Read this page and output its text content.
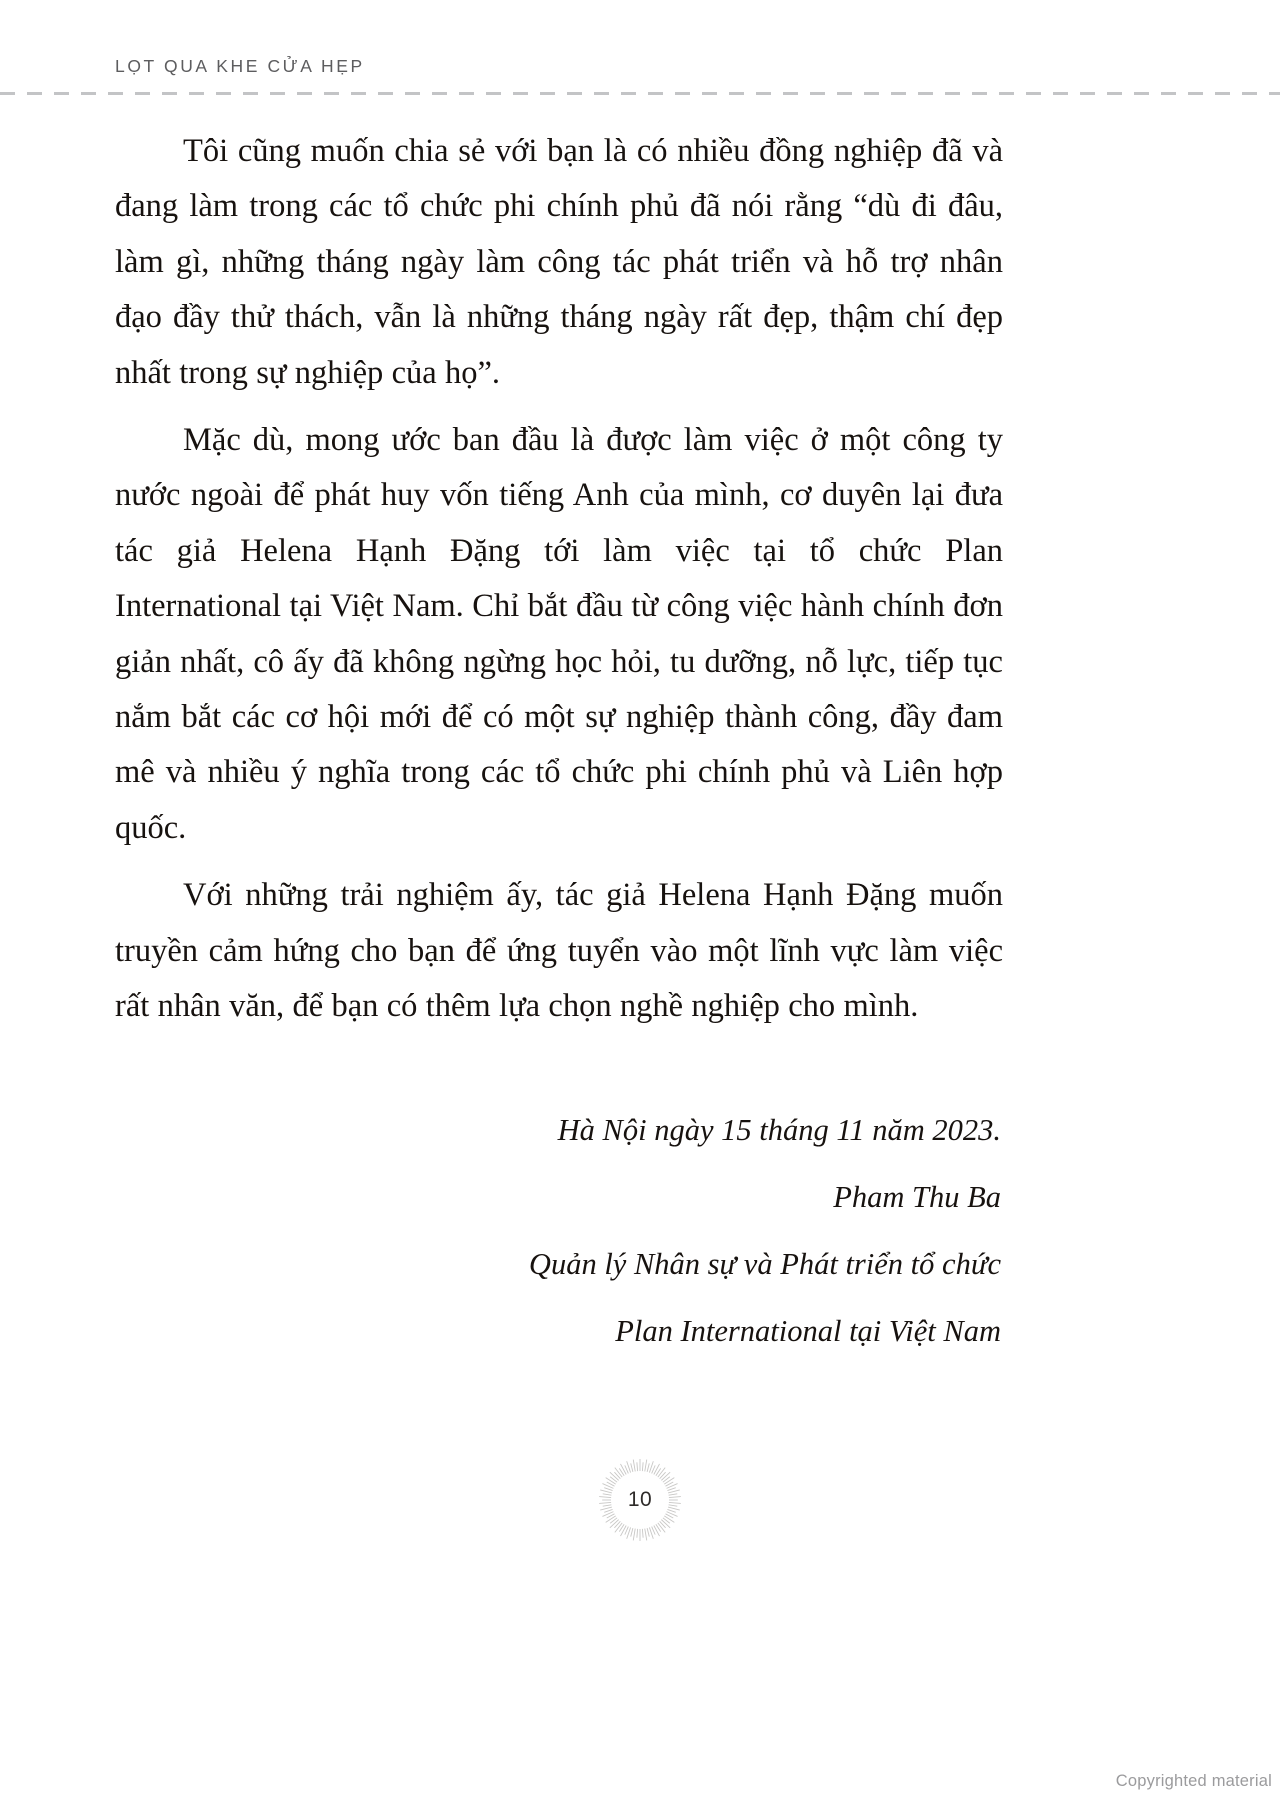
LỌT QUA KHE CỬA HẸP

Tôi cũng muốn chia sẻ với bạn là có nhiều đồng nghiệp đã và đang làm trong các tổ chức phi chính phủ đã nói rằng “dù đi đâu, làm gì, những tháng ngày làm công tác phát triển và hỗ trợ nhân đạo đầy thử thách, vẫn là những tháng ngày rất đẹp, thậm chí đẹp nhất trong sự nghiệp của họ”.

Mặc dù, mong ước ban đầu là được làm việc ở một công ty nước ngoài để phát huy vốn tiếng Anh của mình, cơ duyên lại đưa tác giả Helena Hạnh Đặng tới làm việc tại tổ chức Plan International tại Việt Nam. Chỉ bắt đầu từ công việc hành chính đơn giản nhất, cô ấy đã không ngừng học hỏi, tu dưỡng, nỗ lực, tiếp tục nắm bắt các cơ hội mới để có một sự nghiệp thành công, đầy đam mê và nhiều ý nghĩa trong các tổ chức phi chính phủ và Liên hợp quốc.

Với những trải nghiệm ấy, tác giả Helena Hạnh Đặng muốn truyền cảm hứng cho bạn để ứng tuyển vào một lĩnh vực làm việc rất nhân văn, để bạn có thêm lựa chọn nghề nghiệp cho mình.

Hà Nội ngày 15 tháng 11 năm 2023.
Pham Thu Ba
Quản lý Nhân sự và Phát triển tổ chức
Plan International tại Việt Nam
10
Copyrighted material
